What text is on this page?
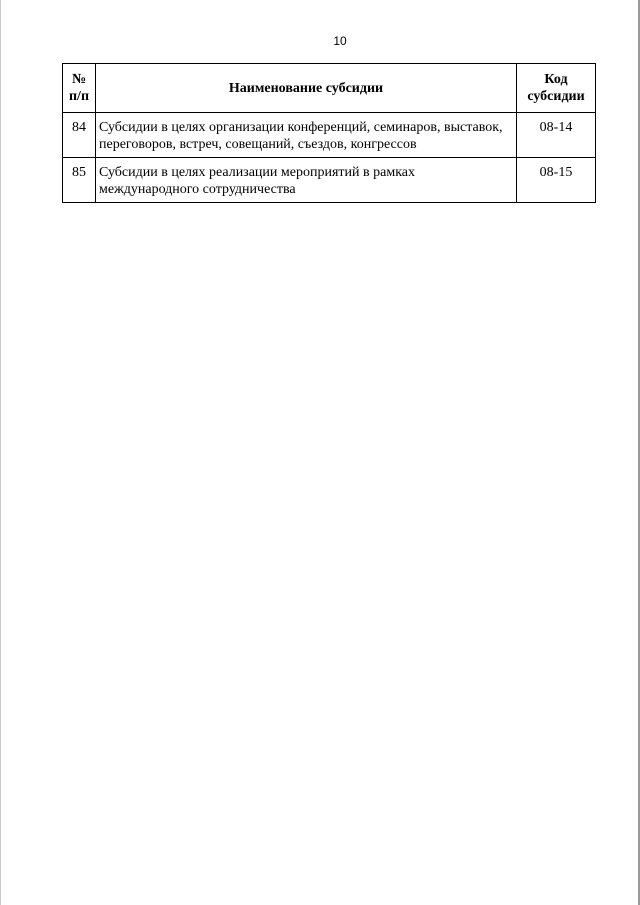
10
№ п/п	Наименование субсидии	Код субсидии
84	Субсидии в целях организации конференций, семинаров, выставок, переговоров, встреч, совещаний, съездов, конгрессов	08-14
85	Субсидии в целях реализации мероприятий в рамках международного сотрудничества	08-15
